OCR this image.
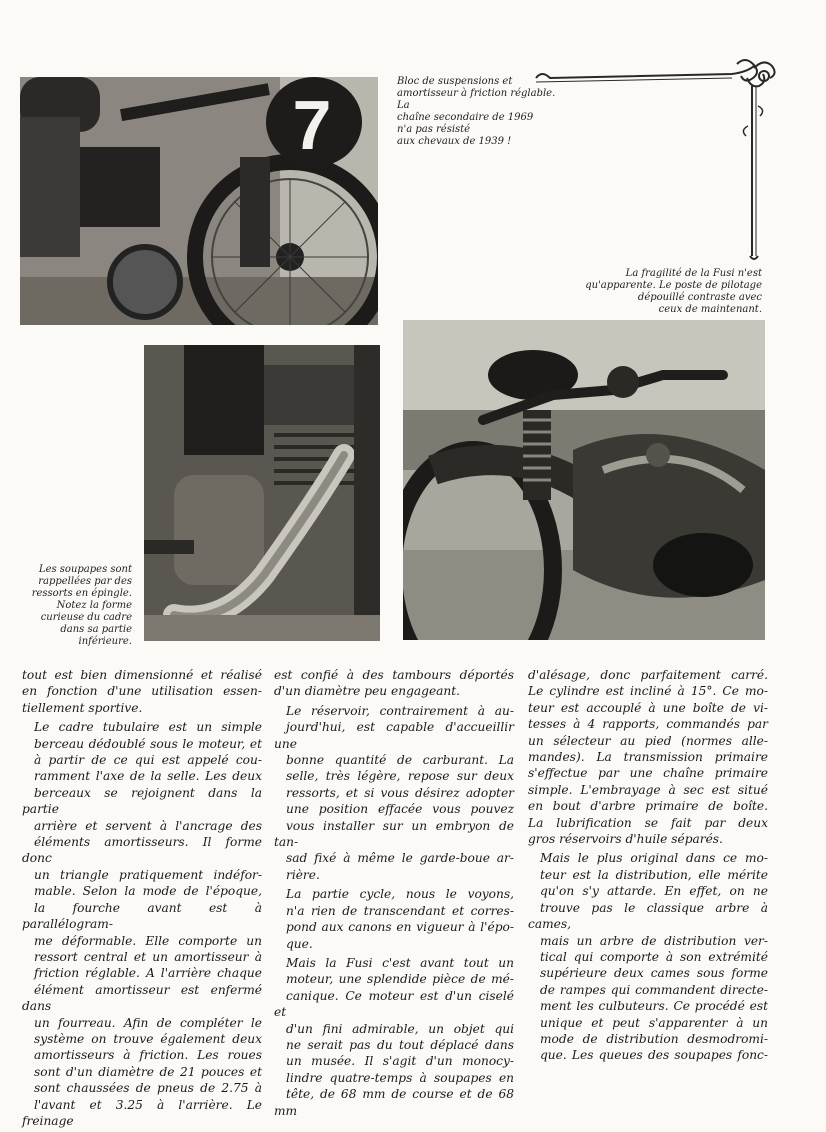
7
Bloc de suspensions et
amortisseur à friction réglable. La
chaîne secondaire de 1969
n'a pas résisté
aux chevaux de 1939 !
La fragilité de la Fusi n'est
qu'apparente. Le poste de pilotage
dépouillé contraste avec
ceux de maintenant.
Les soupapes sont
rappellées par des
ressorts en épingle.
Notez la forme
curieuse du cadre
dans sa partie
inférieure.

tout est bien dimensionné et réalisé
en fonction d'une utilisation essen-
tiellement sportive.

Le cadre tubulaire est un simple
berceau dédoublé sous le moteur, et
à partir de ce qui est appelé cou-
ramment l'axe de la selle. Les deux
berceaux se rejoignent dans la partie
arrière et servent à l'ancrage des
éléments amortisseurs. Il forme donc
un triangle pratiquement indéfor-
mable. Selon la mode de l'époque,
la fourche avant est à parallélogram-
me déformable. Elle comporte un
ressort central et un amortisseur à
friction réglable. A l'arrière chaque
élément amortisseur est enfermé dans
un fourreau. Afin de compléter le
système on trouve également deux
amortisseurs à friction. Les roues
sont d'un diamètre de 21 pouces et
sont chaussées de pneus de 2.75 à
l'avant et 3.25 à l'arrière. Le freinage

est confié à des tambours déportés
d'un diamètre peu engageant.

Le réservoir, contrairement à au-
jourd'hui, est capable d'accueillir une
bonne quantité de carburant. La
selle, très légère, repose sur deux
ressorts, et si vous désirez adopter
une position effacée vous pouvez
vous installer sur un embryon de tan-
sad fixé à même le garde-boue ar-
rière.

La partie cycle, nous le voyons,
n'a rien de transcendant et corres-
pond aux canons en vigueur à l'épo-
que.

Mais la Fusi c'est avant tout un
moteur, une splendide pièce de mé-
canique. Ce moteur est d'un ciselé et
d'un fini admirable, un objet qui
ne serait pas du tout déplacé dans
un musée. Il s'agit d'un monocy-
lindre quatre-temps à soupapes en
tête, de 68 mm de course et de 68 mm

d'alésage, donc parfaitement carré.
Le cylindre est incliné à 15°. Ce mo-
teur est accouplé à une boîte de vi-
tesses à 4 rapports, commandés par
un sélecteur au pied (normes alle-
mandes). La transmission primaire
s'effectue par une chaîne primaire
simple. L'embrayage à sec est situé
en bout d'arbre primaire de boîte.
La lubrification se fait par deux
gros réservoirs d'huile séparés.

Mais le plus original dans ce mo-
teur est la distribution, elle mérite
qu'on s'y attarde. En effet, on ne
trouve pas le classique arbre à cames,
mais un arbre de distribution ver-
tical qui comporte à son extrémité
supérieure deux cames sous forme
de rampes qui commandent directe-
ment les culbuteurs. Ce procédé est
unique et peut s'apparenter à un
mode de distribution desmodromi-
que. Les queues des soupapes fonc-
